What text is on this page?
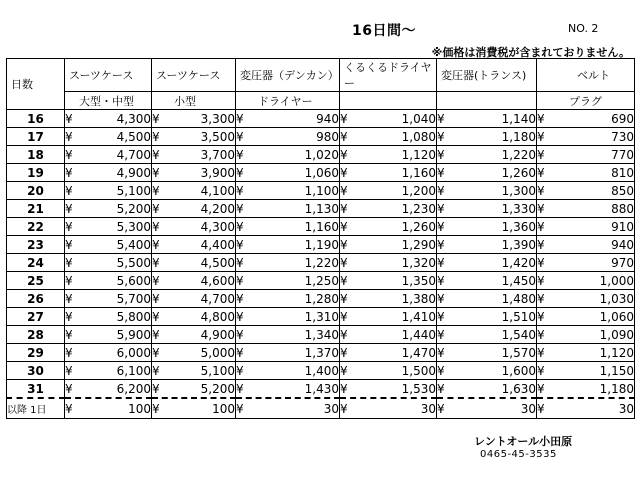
16日間〜	NO. 2
※価格は消費税が含まれておりません。
日数	スーツケース	スーツケース	変圧器（デンカン）	くるくるドライヤー	変圧器(トランス)	ベルト
	大型・中型	小型	ドライヤー			プラグ
16	¥ 4,300	¥ 3,300	¥ 940	¥ 1,040	¥ 1,140	¥ 690

17	¥ 4,500	¥ 3,500	¥ 980	¥ 1,080	¥ 1,180	¥ 730

18	¥ 4,700	¥ 3,700	¥ 1,020	¥ 1,120	¥ 1,220	¥ 770

19	¥ 4,900	¥ 3,900	¥ 1,060	¥ 1,160	¥ 1,260	¥ 810

20	¥ 5,100	¥ 4,100	¥ 1,100	¥ 1,200	¥ 1,300	¥ 850

21	¥ 5,200	¥ 4,200	¥ 1,130	¥ 1,230	¥ 1,330	¥ 880

22	¥ 5,300	¥ 4,300	¥ 1,160	¥ 1,260	¥ 1,360	¥ 910

23	¥ 5,400	¥ 4,400	¥ 1,190	¥ 1,290	¥ 1,390	¥ 940

24	¥ 5,500	¥ 4,500	¥ 1,220	¥ 1,320	¥ 1,420	¥ 970

25	¥ 5,600	¥ 4,600	¥ 1,250	¥ 1,350	¥ 1,450	¥ 1,000

26	¥ 5,700	¥ 4,700	¥ 1,280	¥ 1,380	¥ 1,480	¥ 1,030

27	¥ 5,800	¥ 4,800	¥ 1,310	¥ 1,410	¥ 1,510	¥ 1,060

28	¥ 5,900	¥ 4,900	¥ 1,340	¥ 1,440	¥ 1,540	¥ 1,090

29	¥ 6,000	¥ 5,000	¥ 1,370	¥ 1,470	¥ 1,570	¥ 1,120

30	¥ 6,100	¥ 5,100	¥ 1,400	¥ 1,500	¥ 1,600	¥ 1,150

31	¥ 6,200	¥ 5,200	¥ 1,430	¥ 1,530	¥ 1,630	¥ 1,180

以降 1日	¥ 100	¥ 100	¥ 30	¥ 30	¥ 30	¥ 30
レントオール小田原
0465-45-3535
